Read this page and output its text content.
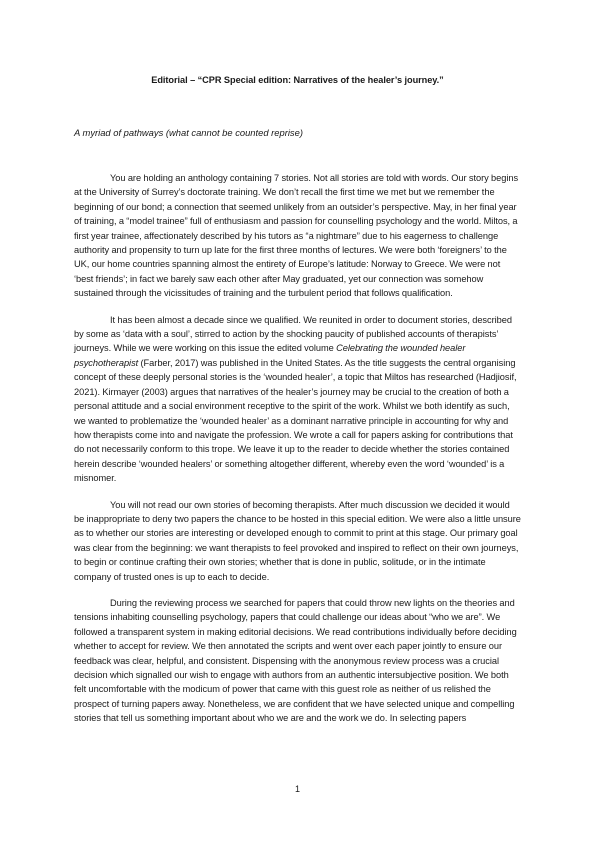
Editorial – “CPR Special edition: Narratives of the healer’s journey.”

A myriad of pathways (what cannot be counted reprise)

You are holding an anthology containing 7 stories. Not all stories are told with words. Our story begins at the University of Surrey’s doctorate training. We don’t recall the first time we met but we remember the beginning of our bond; a connection that seemed unlikely from an outsider’s perspective. May, in her final year of training, a “model trainee” full of enthusiasm and passion for counselling psychology and the world. Miltos, a first year trainee, affectionately described by his tutors as “a nightmare” due to his eagerness to challenge authority and propensity to turn up late for the first three months of lectures. We were both ‘foreigners’ to the UK, our home countries spanning almost the entirety of Europe’s latitude: Norway to Greece. We were not ‘best friends’; in fact we barely saw each other after May graduated, yet our connection was somehow sustained through the vicissitudes of training and the turbulent period that follows qualification.

It has been almost a decade since we qualified. We reunited in order to document stories, described by some as ‘data with a soul’, stirred to action by the shocking paucity of published accounts of therapists’ journeys. While we were working on this issue the edited volume Celebrating the wounded healer psychotherapist (Farber, 2017) was published in the United States. As the title suggests the central organising concept of these deeply personal stories is the ‘wounded healer’, a topic that Miltos has researched (Hadjiosif, 2021). Kirmayer (2003) argues that narratives of the healer’s journey may be crucial to the creation of both a personal attitude and a social environment receptive to the spirit of the work. Whilst we both identify as such, we wanted to problematize the ‘wounded healer’ as a dominant narrative principle in accounting for why and how therapists come into and navigate the profession. We wrote a call for papers asking for contributions that do not necessarily conform to this trope. We leave it up to the reader to decide whether the stories contained herein describe ‘wounded healers’ or something altogether different, whereby even the word ‘wounded’ is a misnomer.

You will not read our own stories of becoming therapists. After much discussion we decided it would be inappropriate to deny two papers the chance to be hosted in this special edition. We were also a little unsure as to whether our stories are interesting or developed enough to commit to print at this stage. Our primary goal was clear from the beginning: we want therapists to feel provoked and inspired to reflect on their own journeys, to begin or continue crafting their own stories; whether that is done in public, solitude, or in the intimate company of trusted ones is up to each to decide.

During the reviewing process we searched for papers that could throw new lights on the theories and tensions inhabiting counselling psychology, papers that could challenge our ideas about “who we are”. We followed a transparent system in making editorial decisions. We read contributions individually before deciding whether to accept for review. We then annotated the scripts and went over each paper jointly to ensure our feedback was clear, helpful, and consistent. Dispensing with the anonymous review process was a crucial decision which signalled our wish to engage with authors from an authentic intersubjective position. We both felt uncomfortable with the modicum of power that came with this guest role as neither of us relished the prospect of turning papers away. Nonetheless, we are confident that we have selected unique and compelling stories that tell us something important about who we are and the work we do. In selecting papers

1
